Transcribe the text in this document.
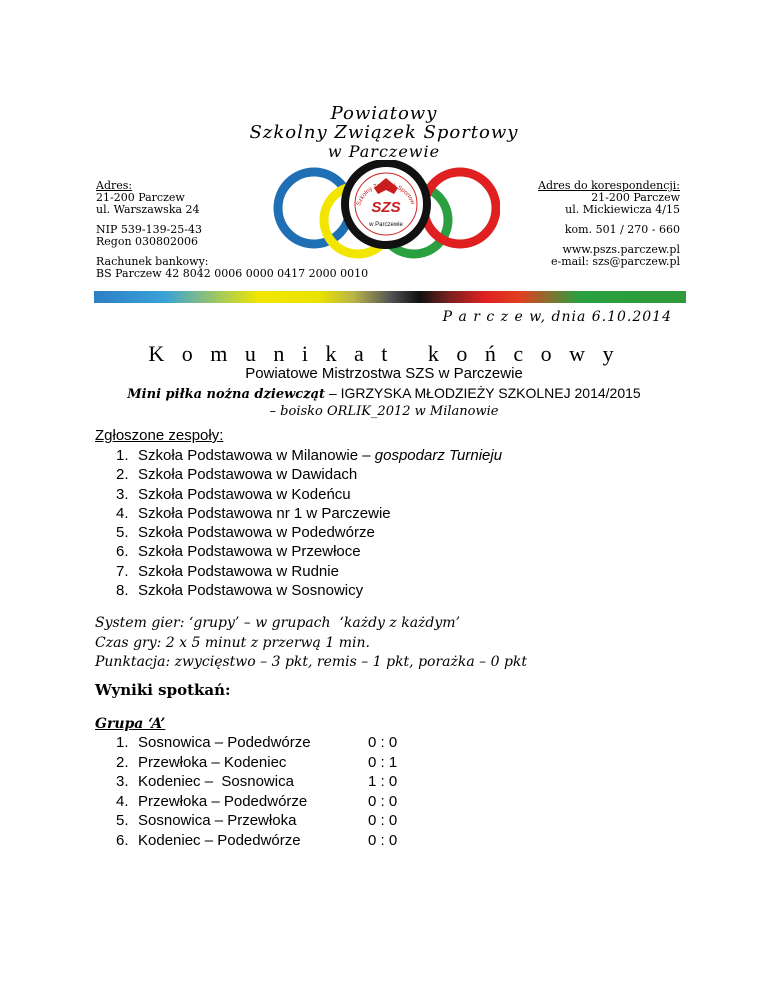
Powiatowy
Szkolny Związek Sportowy
w Parczewie
SZS
w Parczewie
Szkolny Związek Sportow
Adres:
21-200 Parczew
ul. Warszawska 24
NIP 539-139-25-43
Regon 030802006
Rachunek bankowy:
BS Parczew 42 8042 0006 0000 0417 2000 0010
Adres do korespondencji:
21-200 Parczew
ul. Mickiewicza 4/15
kom. 501 / 270 - 660
www.pszs.parczew.pl
e-mail: szs@parczew.pl
P a r c z e w, dnia 6.10.2014
K o m u n i k a t   k o ń c o w y
Powiatowe Mistrzostwa SZS w Parczewie
Mini piłka nożna dziewcząt – IGRZYSKA MŁODZIEŻY SZKOLNEJ 2014/2015
– boisko ORLIK_2012 w Milanowie
Zgłoszone zespoły:
1. Szkoła Podstawowa w Milanowie – gospodarz Turnieju
2. Szkoła Podstawowa w Dawidach
3. Szkoła Podstawowa w Kodeńcu
4. Szkoła Podstawowa nr 1 w Parczewie
5. Szkoła Podstawowa w Podedwórze
6. Szkoła Podstawowa w Przewłoce
7. Szkoła Podstawowa w Rudnie
8. Szkoła Podstawowa w Sosnowicy
System gier: ‘grupy’ – w grupach  ‘każdy z każdym’
Czas gry: 2 x 5 minut z przerwą 1 min.
Punktacja: zwycięstwo – 3 pkt, remis – 1 pkt, porażka – 0 pkt
Wyniki spotkań:
Grupa ‘A’
1. Sosnowica – Podedwórze	0 : 0
2. Przewłoka – Kodeniec	0 : 1
3. Kodeniec –  Sosnowica	1 : 0
4. Przewłoka – Podedwórze	0 : 0
5. Sosnowica – Przewłoka	0 : 0
6. Kodeniec – Podedwórze	0 : 0
